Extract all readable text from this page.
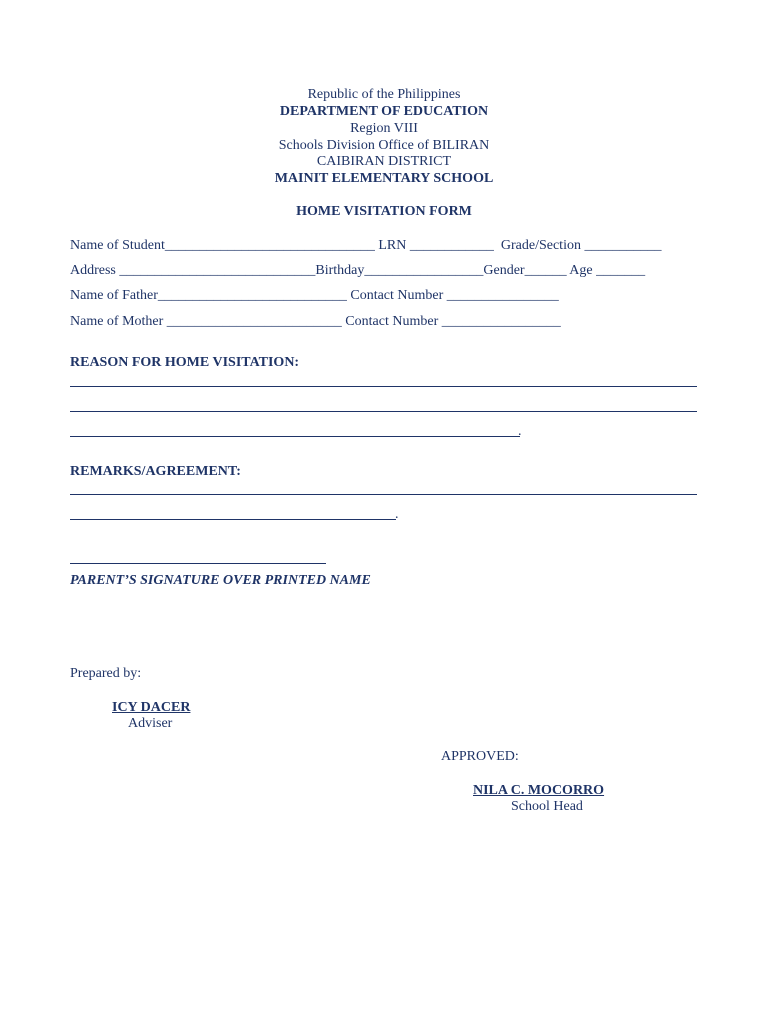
Republic of the Philippines
DEPARTMENT OF EDUCATION
Region VIII
Schools Division Office of BILIRAN
CAIBIRAN DISTRICT
MAINIT ELEMENTARY SCHOOL
HOME VISITATION FORM
Name of Student______________________________ LRN ____________  Grade/Section ___________
Address ____________________________Birthday_________________Gender______ Age _______
Name of Father___________________________ Contact Number ________________
Name of Mother _________________________ Contact Number _________________
REASON FOR HOME VISITATION:
.
REMARKS/AGREEMENT:
.
PARENT’S SIGNATURE OVER PRINTED NAME
Prepared by:
ICY DACER
Adviser
APPROVED:
NILA C. MOCORRO
School Head
